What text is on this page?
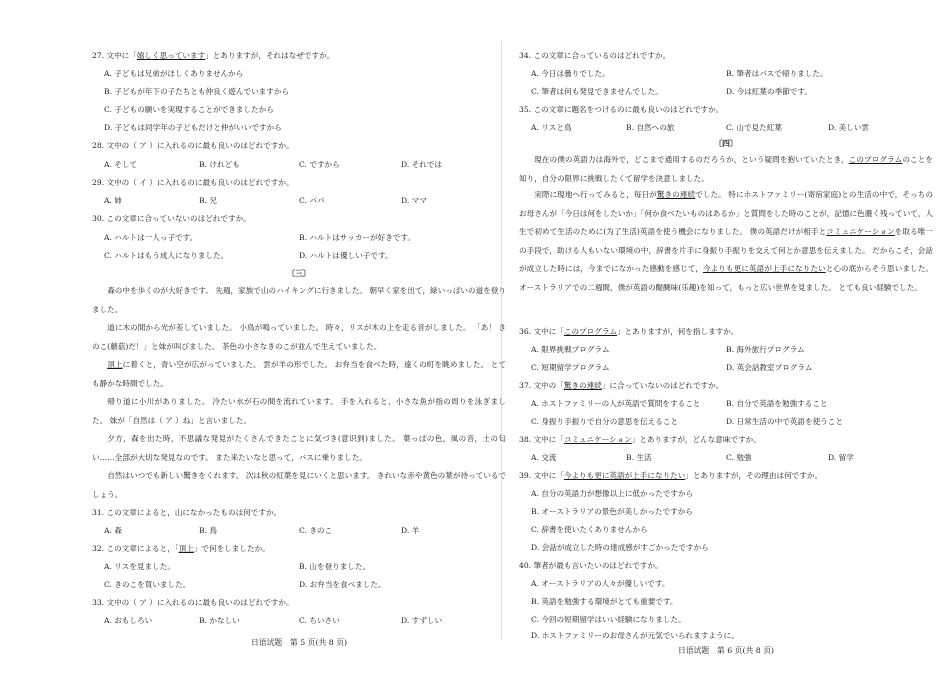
27. 文中に「嬉しく思っています」とありますが，それはなぜですか。
A. 子どもは兄弟がほしくありませんから
B. 子どもが年下の子たちとも仲良く遊んでいますから
C. 子どもの願いを実現することができましたから
D. 子どもは同学年の子どもだけと仲がいいですから
28. 文中の（ ア ）に入れるのに最も良いのはどれですか。
A. そして	B. けれども	C. ですから	D. それでは
29. 文中の（ イ ）に入れるのに最も良いのはどれですか。
A. 姉	B. 兄	C. パパ	D. ママ
30. この文章に合っていないのはどれですか。
A. ハルトは一人っ子です。	B. ハルトはサッカーが好きです。
C. ハルトはもう成人になりました。	D. ハルトは優しい子です。
〔三〕
森の中を歩くのが大好きです。 先週，家族で山のハイキングに行きました。 朝早く家を出て，緑いっぱいの道を登りました。
道に木の間から光が差していました。 小鳥が鳴っていました。 時々，リスが木の上を走る音がしました。 「あ！ きのこ(蘑菇)だ！」と妹が叫びました。 茶色の小さなきのこが並んで生えていました。
頂上に着くと，青い空が広がっていました。 雲が羊の形でした。 お弁当を食べた時，遠くの町を眺めました。 とても静かな時間でした。
帰り道に小川がありました。 冷たい水が石の間を流れています。 手を入れると，小さな魚が指の周りを泳ぎました。 妹が「自然は（ ア ）ね」と言いました。
夕方，森を出た時，不思議な発見がたくさんできたことに気づき(意识到)ました。 葉っぱの色，風の音，土の匂い……全部が大切な発見なのです。 また来たいなと思って，バスに乗りました。
自然はいつでも新しい驚きをくれます。 次は秋の紅葉を見にいくと思います。 きれいな赤や黄色の葉が待っているでしょう。
31. この文章によると，山になかったものは何ですか。
A. 森	B. 鳥	C. きのこ	D. 羊
32. この文章によると，「頂上」で何をしましたか。
A. リスを見ました。	B. 山を登りました。
C. きのこを買いました。	D. お弁当を食べました。
33. 文中の（ ア ）に入れるのに最も良いのはどれですか。
A. おもしろい	B. かなしい	C. ちいさい	D. すずしい
日语试题　第 5 页(共 8 页)
34. この文章に合っているのはどれですか。
A. 今日は曇りでした。	B. 筆者はバスで帰りました。
C. 筆者は何も発見できませんでした。	D. 今は紅葉の季節です。
35. この文章に題名をつけるのに最も良いのはどれですか。
A. リスと鳥	B. 自然への旅	C. 山で見た紅葉	D. 美しい雲
〔四〕
現在の僕の英語力は海外で，どこまで通用するのだろうか，という疑問を抱いていたとき，このプログラムのことを知り，自分の限界に挑戦したくて留学を決意しました。
実際に現地へ行ってみると，毎日が驚きの連続でした。 特にホストファミリー(寄宿家庭)との生活の中で，そっちのお母さんが「今日は何をしたいか」「何か食べたいものはあるか」と質問をした時のことが，記憶に色濃く残っていて，人生で初めて生活のために(为了生活)英語を使う機会になりました。 僕の英語だけが相手とコミュニケーションを取る唯一の手段で，助ける人もいない環境の中，辞書を片手に身振り手振りを交えて何とか意思を伝えました。 だからこそ，会話が成立した時には，今までになかった感動を感じて，今よりも更に英語が上手になりたいと心の底からそう思いました。 オーストラリアでの二週間，僕が英語の醍醐味(乐趣)を知って，もっと広い世界を見ました。 とても良い経験でした。
36. 文中に「このプログラム」とありますが，何を指しますか。
A. 限界挑戦プログラム	B. 海外旅行プログラム
C. 短期留学プログラム	D. 英会話教室プログラム
37. 文中の「驚きの連続」に合っていないのはどれですか。
A. ホストファミリーの人が英語で質問をすること	B. 自分で英語を勉強すること
C. 身振り手振りで自分の意思を伝えること	D. 日常生活の中で英語を使うこと
38. 文中に「コミュニケーション」とありますが，どんな意味ですか。
A. 交流	B. 生活	C. 勉強	D. 留学
39. 文中に「今よりも更に英語が上手になりたい」とありますが，その理由は何ですか。
A. 自分の英語力が想像以上に低かったですから
B. オーストラリアの景色が美しかったですから
C. 辞書を使いたくありませんから
D. 会話が成立した時の達成感がすごかったですから
40. 筆者が最も言いたいのはどれですか。
A. オーストラリアの人々が優しいです。
B. 英語を勉強する環境がとても重要です。
C. 今回の短期留学はいい経験になりました。
D. ホストファミリーのお母さんが元気でいられますように。
日语试题　第 6 页(共 8 页)
